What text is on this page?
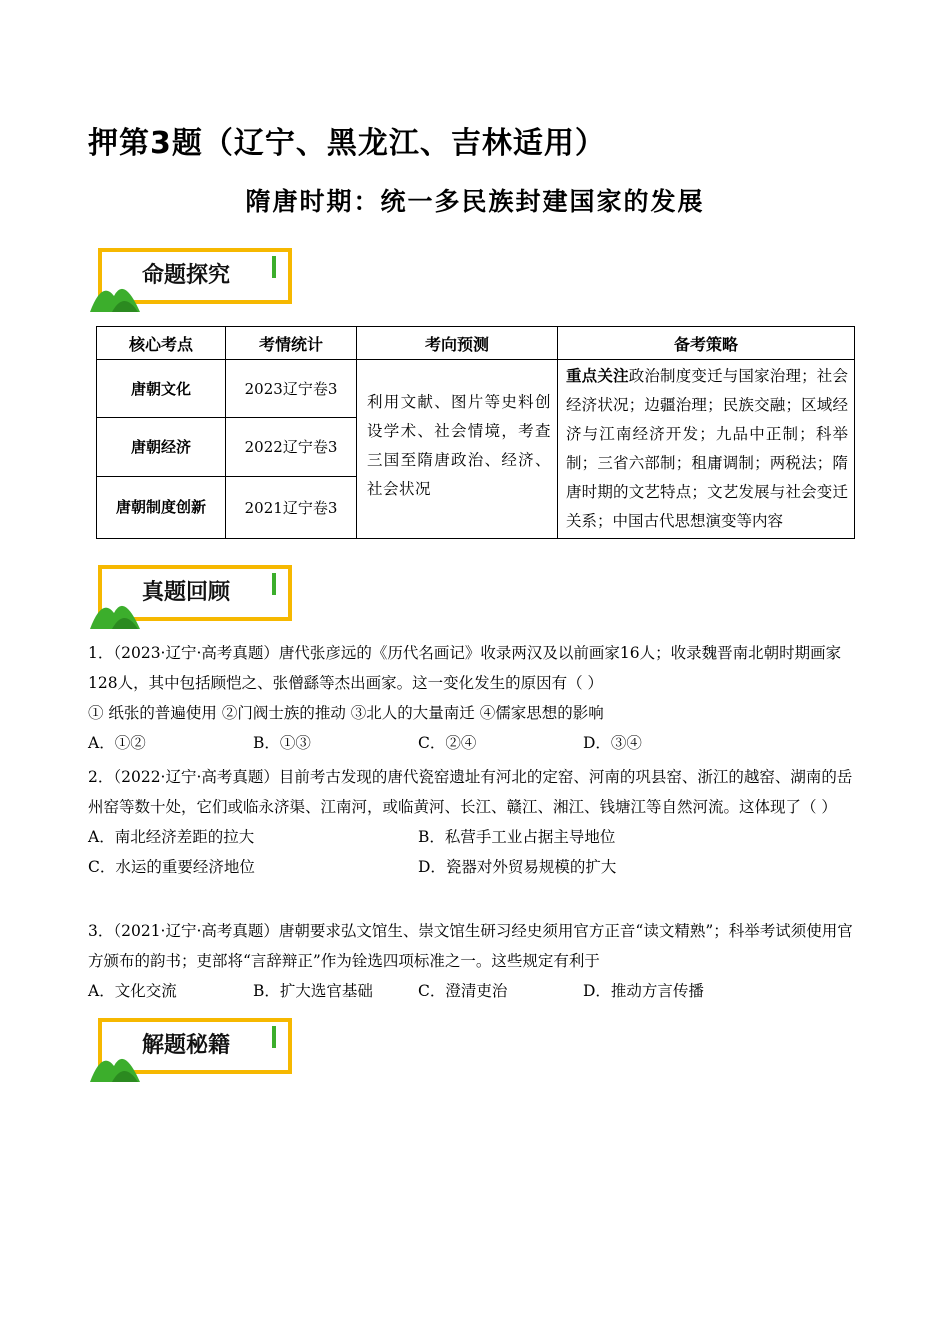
押第3题（辽宁、黑龙江、吉林适用）
隋唐时期：统一多民族封建国家的发展
命题探究
核心考点	考情统计	考向预测	备考策略
唐朝文化	2023辽宁卷3	利用文献、图片等史料创设学术、社会情境，考查三国至隋唐政治、经济、社会状况	重点关注政治制度变迁与国家治理；社会经济状况；边疆治理；民族交融；区域经济与江南经济开发；九品中正制；科举制；三省六部制；租庸调制；两税法；隋唐时期的文艺特点；文艺发展与社会变迁关系；中国古代思想演变等内容

唐朝经济	2022辽宁卷3		
唐朝制度创新	2021辽宁卷3		
真题回顾
1．（2023·辽宁·高考真题）唐代张彦远的《历代名画记》收录两汉及以前画家16人；收录魏晋南北朝时期画家128人，其中包括顾恺之、张僧繇等杰出画家。这一变化发生的原因有（ ）
① 纸张的普遍使用 ②门阀士族的推动 ③北人的大量南迁 ④儒家思想的影响
A．①②	B．①③	C．②④	D．③④
2．（2022·辽宁·高考真题）目前考古发现的唐代瓷窑遗址有河北的定窑、河南的巩县窑、浙江的越窑、湖南的岳州窑等数十处，它们或临永济渠、江南河，或临黄河、长江、赣江、湘江、钱塘江等自然河流。这体现了（ ）
A．南北经济差距的拉大	B．私营手工业占据主导地位
C．水运的重要经济地位	D．瓷器对外贸易规模的扩大
3．（2021·辽宁·高考真题）唐朝要求弘文馆生、崇文馆生研习经史须用官方正音“读文精熟”；科举考试须使用官方颁布的韵书；吏部将“言辞辩正”作为铨选四项标准之一。这些规定有利于
A．文化交流	B．扩大选官基础	C．澄清吏治	D．推动方言传播
解题秘籍
